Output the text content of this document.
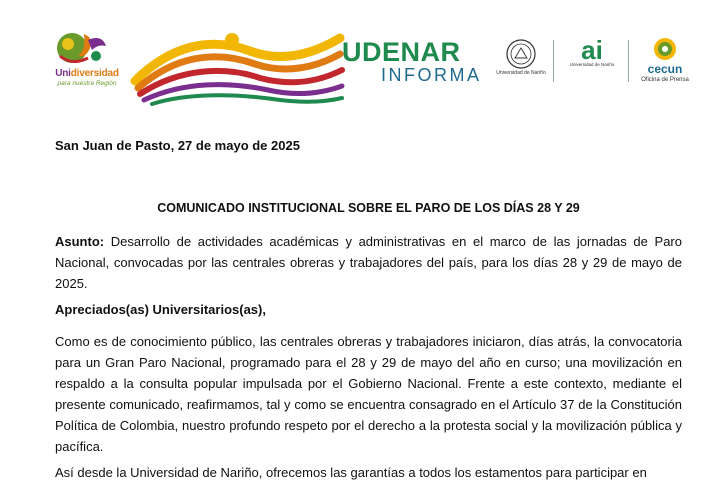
Unidiversidad
para nuestra Región
UDENAR
INFORMA	Universidad de Nariño
ai
Universidad de Nariño	cecun
Oficina de Prensa
San Juan de Pasto, 27 de mayo de 2025
COMUNICADO INSTITUCIONAL SOBRE EL PARO DE LOS DÍAS 28 Y 29
Asunto: Desarrollo de actividades académicas y administrativas en el marco de las jornadas de Paro Nacional, convocadas por las centrales obreras y trabajadores del país, para los días 28 y 29 de mayo de 2025.
Apreciados(as) Universitarios(as),
Como es de conocimiento público, las centrales obreras y trabajadores iniciaron, días atrás, la convocatoria para un Gran Paro Nacional, programado para el 28 y 29 de mayo del año en curso; una movilización en respaldo a la consulta popular impulsada por el Gobierno Nacional. Frente a este contexto, mediante el presente comunicado, reafirmamos, tal y como se encuentra consagrado en el Artículo 37 de la Constitución Política de Colombia, nuestro profundo respeto por el derecho a la protesta social y la movilización pública y pacífica.
Así desde la Universidad de Nariño, ofrecemos las garantías a todos los estamentos para participar en
